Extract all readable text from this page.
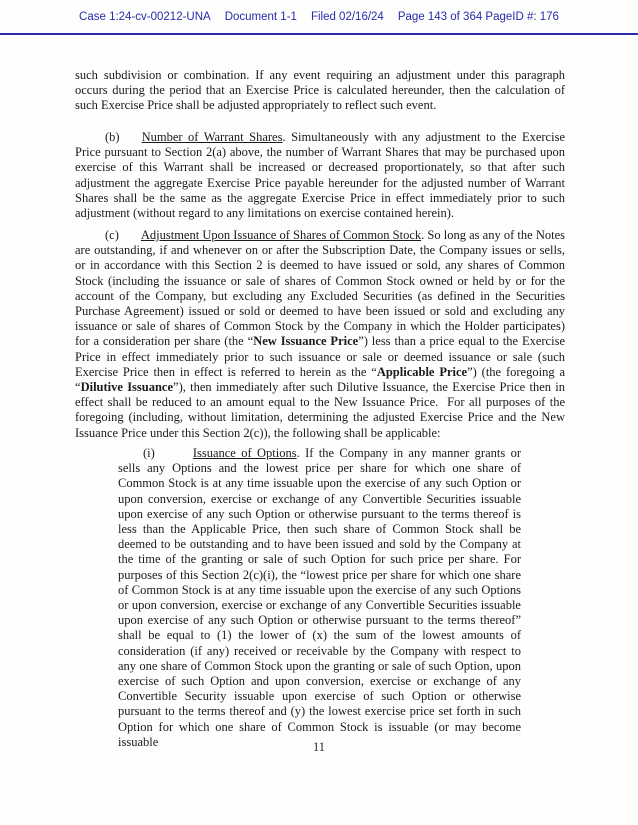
Case 1:24-cv-00212-UNA Document 1-1 Filed 02/16/24 Page 143 of 364 PageID #: 176
such subdivision or combination. If any event requiring an adjustment under this paragraph occurs during the period that an Exercise Price is calculated hereunder, then the calculation of such Exercise Price shall be adjusted appropriately to reflect such event.
(b) Number of Warrant Shares. Simultaneously with any adjustment to the Exercise Price pursuant to Section 2(a) above, the number of Warrant Shares that may be purchased upon exercise of this Warrant shall be increased or decreased proportionately, so that after such adjustment the aggregate Exercise Price payable hereunder for the adjusted number of Warrant Shares shall be the same as the aggregate Exercise Price in effect immediately prior to such adjustment (without regard to any limitations on exercise contained herein).
(c) Adjustment Upon Issuance of Shares of Common Stock. So long as any of the Notes are outstanding, if and whenever on or after the Subscription Date, the Company issues or sells, or in accordance with this Section 2 is deemed to have issued or sold, any shares of Common Stock (including the issuance or sale of shares of Common Stock owned or held by or for the account of the Company, but excluding any Excluded Securities (as defined in the Securities Purchase Agreement) issued or sold or deemed to have been issued or sold and excluding any issuance or sale of shares of Common Stock by the Company in which the Holder participates) for a consideration per share (the “New Issuance Price”) less than a price equal to the Exercise Price in effect immediately prior to such issuance or sale or deemed issuance or sale (such Exercise Price then in effect is referred to herein as the “Applicable Price”) (the foregoing a “Dilutive Issuance”), then immediately after such Dilutive Issuance, the Exercise Price then in effect shall be reduced to an amount equal to the New Issuance Price.  For all purposes of the foregoing (including, without limitation, determining the adjusted Exercise Price and the New Issuance Price under this Section 2(c)), the following shall be applicable:
(i)	Issuance of Options. If the Company in any manner grants or sells any Options and the lowest price per share for which one share of Common Stock is at any time issuable upon the exercise of any such Option or upon conversion, exercise or exchange of any Convertible Securities issuable upon exercise of any such Option or otherwise pursuant to the terms thereof is less than the Applicable Price, then such share of Common Stock shall be deemed to be outstanding and to have been issued and sold by the Company at the time of the granting or sale of such Option for such price per share. For purposes of this Section 2(c)(i), the “lowest price per share for which one share of Common Stock is at any time issuable upon the exercise of any such Options or upon conversion, exercise or exchange of any Convertible Securities issuable upon exercise of any such Option or otherwise pursuant to the terms thereof” shall be equal to (1) the lower of (x) the sum of the lowest amounts of consideration (if any) received or receivable by the Company with respect to any one share of Common Stock upon the granting or sale of such Option, upon exercise of such Option and upon conversion, exercise or exchange of any Convertible Security issuable upon exercise of such Option or otherwise pursuant to the terms thereof and (y) the lowest exercise price set forth in such Option for which one share of Common Stock is issuable (or may become issuable	11
